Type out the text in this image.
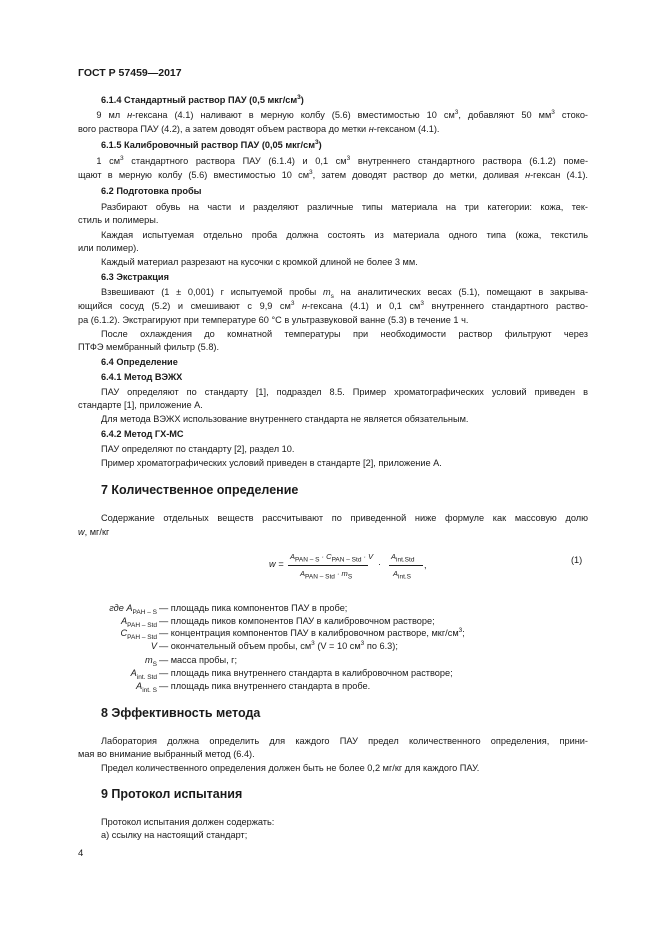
ГОСТ Р 57459—2017

6.1.4 Стандартный раствор ПАУ (0,5 мкг/$см^3$)

    9 мл н-гексана (4.1) наливают в мерную колбу (5.6) вместимостью 10 $см^3$, добавляют 50 $мм^3$ стоко-

вого раствора ПАУ (4.2), а затем доводят объем раствора до метки н-гексаном (4.1).

6.1.5 Калибровочный раствор ПАУ (0,05 мкг/$см^3$)

    1 $см^3$ стандартного раствора ПАУ (6.1.4) и 0,1 $см^3$ внутреннего стандартного раствора (6.1.2) поме-

щают в мерную колбу (5.6) вместимостью 10 $см^3$, затем доводят раствор до метки, доливая н-гексан (4.1).

6.2 Подготовка пробы

Разбирают обувь на части и разделяют различные типы материала на три категории: кожа, тек-

стиль и полимеры.

Каждая испытуемая отдельно проба должна состоять из материала одного типа (кожа, текстиль

или полимер).

Каждый материал разрезают на кусочки с кромкой длиной не более 3 мм.

6.3 Экстракция

Взвешивают (1 ± 0,001) г испытуемой пробы $m_s$ на аналитических весах (5.1), помещают в закрыва-

ющийся сосуд (5.2) и смешивают с 9,9 $см^3$ н-гексана (4.1) и 0,1 $см^3$ внутреннего стандартного раство-

ра (6.1.2). Экстрагируют при температуре 60 °С в ультразвуковой ванне (5.3) в течение 1 ч.

После охлаждения до комнатной температуры при необходимости раствор фильтруют через

ПТФЭ мембранный фильтр (5.8).

6.4 Определение

6.4.1 Метод ВЭЖХ

ПАУ определяют по стандарту [1], подраздел 8.5. Пример хроматографических условий приведен в

стандарте [1], приложение А.

Для метода ВЭЖХ использование внутреннего стандарта не является обязательным.

6.4.2 Метод ГХ-МС

ПАУ определяют по стандарту [2], раздел 10.

Пример хроматографических условий приведен в стандарте [2], приложение А.

7 Количественное определение

Содержание отдельных веществ рассчитывают по приведенной ниже формуле как массовую долю

w, мг/кг

w =
$A_{PAN - S} \cdot C_{PAN - Std} \cdot V$
$A_{PAN - Std} \cdot m_S$
·
$A_{int.Std}$
$A_{int.S}$
,	(1)
где $A_{PAH - S}$ — площадь пика компонентов ПАУ в пробе;
$A_{PAH - Std}$ — площадь пиков компонентов ПАУ в калибровочном растворе;
$C_{PAH - Std}$ — концентрация компонентов ПАУ в калибровочном растворе, мкг/$см^3$;
V — окончательный объем пробы, $см^3$ (V = 10 $см^3$ по 6.3);
$m_S$ — масса пробы, г;
$A_{int. Std}$ — площадь пика внутреннего стандарта в калибровочном растворе;
$A_{int. S}$ — площадь пика внутреннего стандарта в пробе.

8 Эффективность метода

Лаборатория должна определить для каждого ПАУ предел количественного определения, прини-

мая во внимание выбранный метод (6.4).

Предел количественного определения должен быть не более 0,2 мг/кг для каждого ПАУ.

9 Протокол испытания

Протокол испытания должен содержать:

а) ссылку на настоящий стандарт;

4
